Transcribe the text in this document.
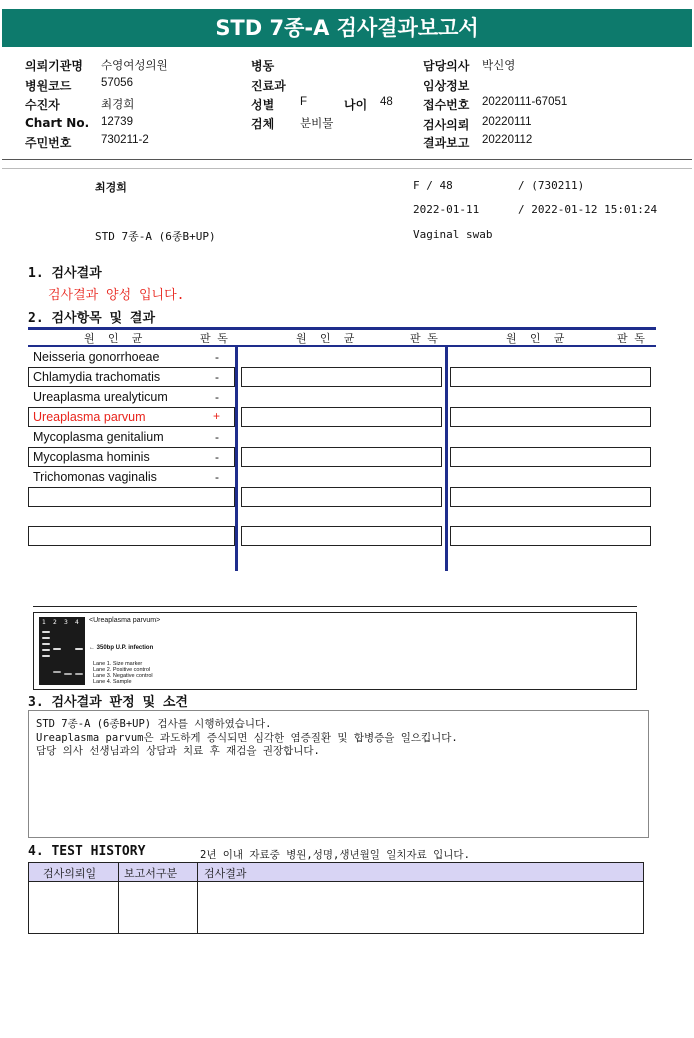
STD 7종-A 검사결과보고서
의뢰기관명 수영여성의원
병원코드	57056
수진자	최경희
Chart No. 12739
주민번호	730211-2
병동
진료과
성별 F	나이 48
검체 분비물
담당의사 박신영
임상정보
접수번호 20220111-67051
검사의뢰 20220111
결과보고 20220112
최경희	F / 48	/ (730211)
2022-01-11	/ 2022-01-12 15:01:24
STD 7종-A (6종B+UP)	Vaginal swab
1. 검사결과
검사결과 양성 입니다.
2. 검사항목 및 결과
원  인  균	판 독	원  인  균	판 독	원  인  균	판 독
Neisseria gonorrhoeae	-
Chlamydia trachomatis	-
Ureaplasma urealyticum	-
Ureaplasma parvum	+
Mycoplasma genitalium	-
Mycoplasma hominis	-
Trichomonas vaginalis	-
1 2 3 4 <Ureaplasma parvum>
← 350bp U.P. infection
Lane 1. Size marker
Lane 2. Positive control
Lane 3. Negative control
Lane 4. Sample
3. 검사결과 판정 및 소견
STD 7종-A (6종B+UP) 검사를 시행하였습니다.
Ureaplasma parvum은 과도하게 증식되면 심각한 염증질환 및 합병증을 일으킵니다.
담당 의사 선생님과의 상담과 치료 후 재검을 권장합니다.
4. TEST HISTORY	2년 이내 자료중 병원,성명,생년월일 일치자료 입니다.
검사의뢰일	보고서구분 검사결과
